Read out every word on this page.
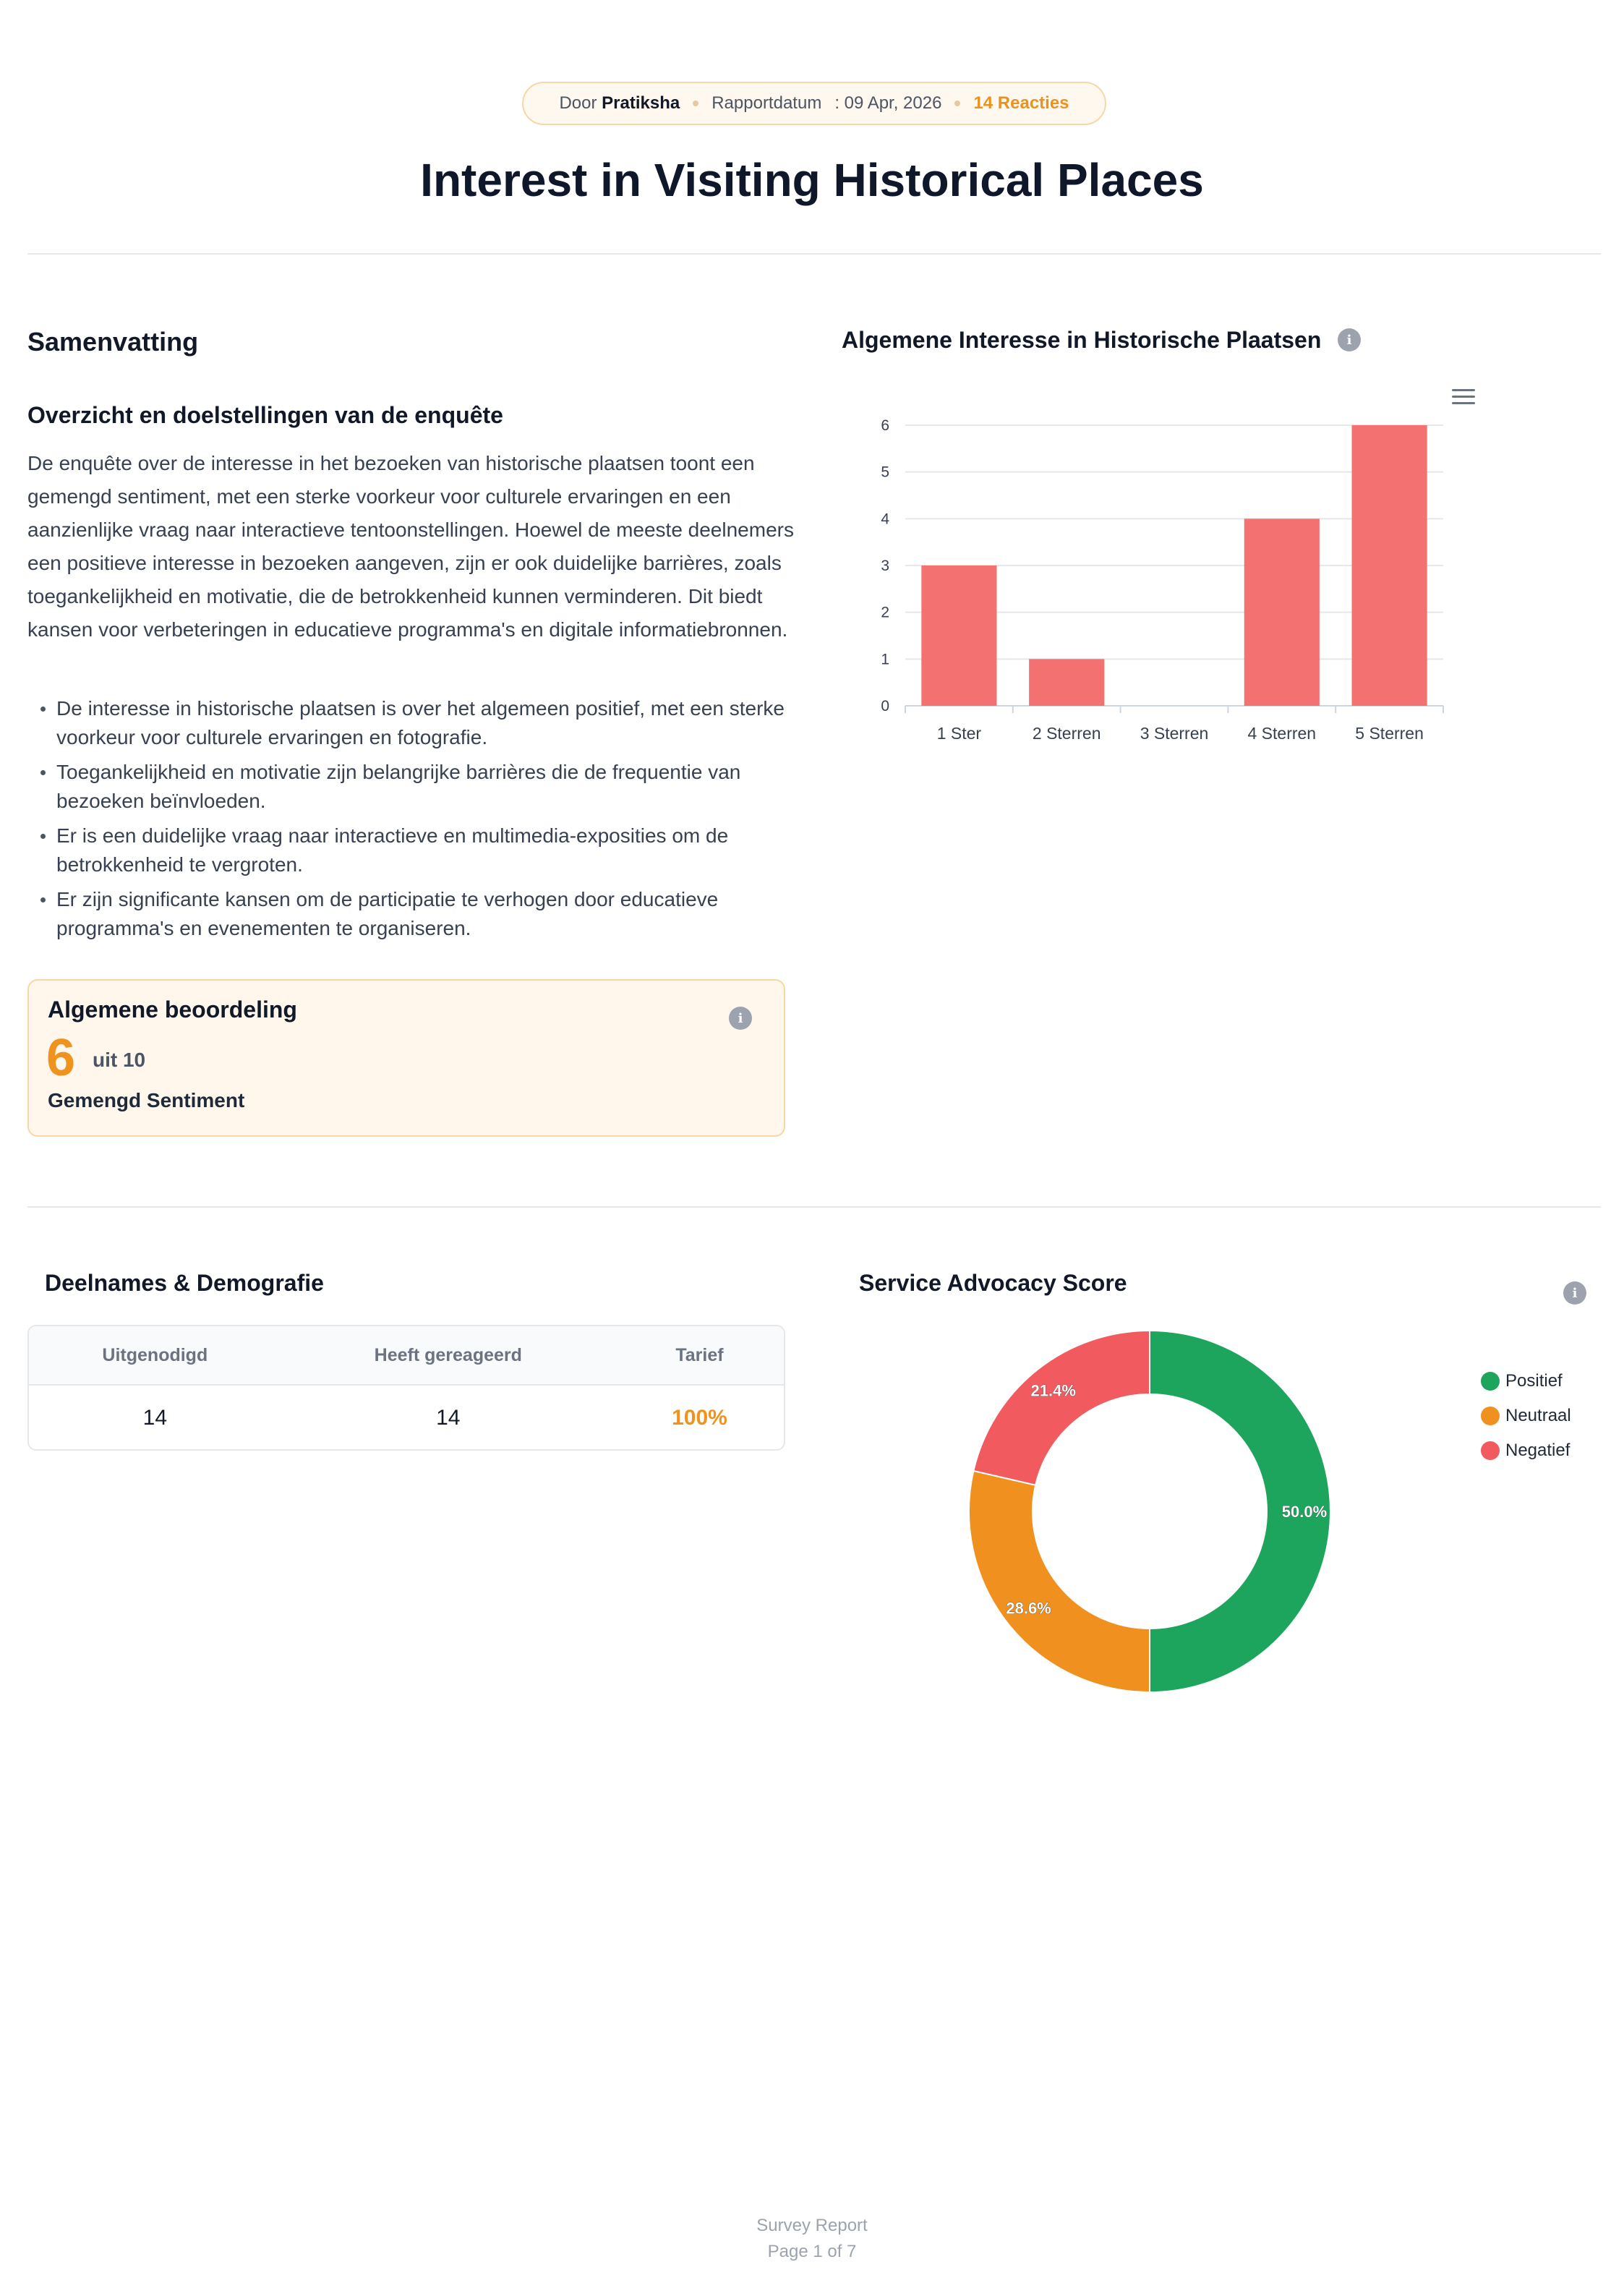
Door Pratiksha Rapportdatum : 09 Apr, 2026 14 Reacties
Interest in Visiting Historical Places
Samenvatting
Overzicht en doelstellingen van de enquête

De enquête over de interesse in het bezoeken van historische plaatsen toont een gemengd sentiment, met een sterke voorkeur voor culturele ervaringen en een aanzienlijke vraag naar interactieve tentoonstellingen. Hoewel de meeste deelnemers een positieve interesse in bezoeken aangeven, zijn er ook duidelijke barrières, zoals toegankelijkheid en motivatie, die de betrokkenheid kunnen verminderen. Dit biedt kansen voor verbeteringen in educatieve programma's en digitale informatiebronnen.

De interesse in historische plaatsen is over het algemeen positief, met een sterke voorkeur voor culturele ervaringen en fotografie.
Toegankelijkheid en motivatie zijn belangrijke barrières die de frequentie van bezoeken beïnvloeden.
Er is een duidelijke vraag naar interactieve en multimedia-exposities om de betrokkenheid te vergroten.
Er zijn significante kansen om de participatie te verhogen door educatieve programma's en evenementen te organiseren.
Algemene beoordeling
6 uit 10
Gemengd Sentiment
i
Algemene Interesse in Historische Plaatsen	i
0
1
2
3
4
5
6
1 Ster	2 Sterren 3 Sterren 4 Sterren 5 Sterren
Deelnames & Demografie
Uitgenodigd	Heeft gereageerd	Tarief
14	14	100%
Service Advocacy Score	i
50.0%
28.6%
21.4%
Positief
Neutraal
Negatief
Survey Report
Page 1 of 7
